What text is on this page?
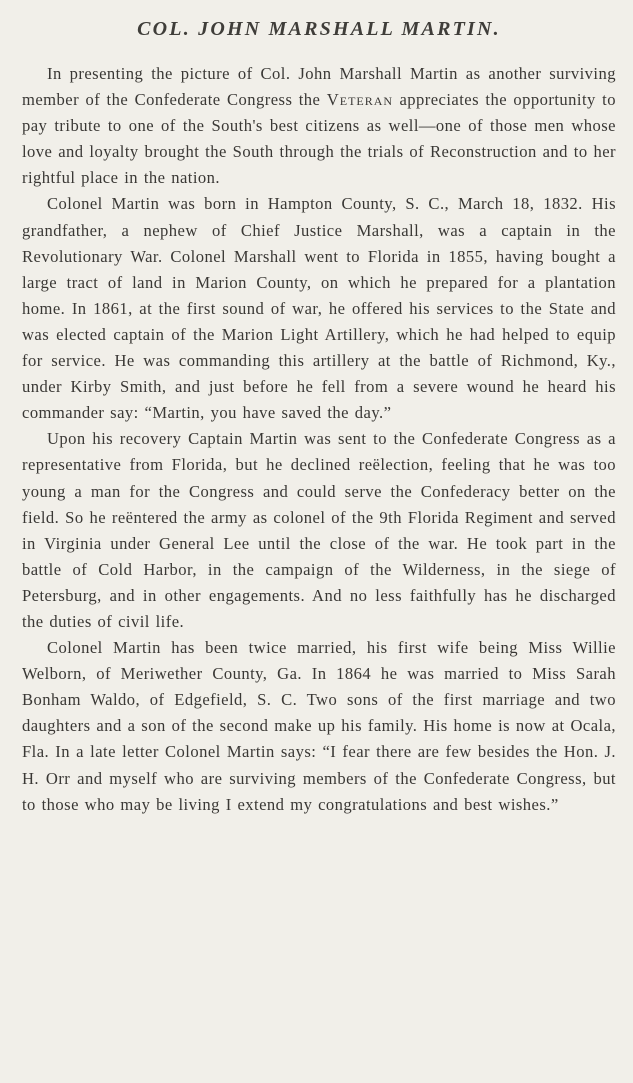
COL. JOHN MARSHALL MARTIN.

In presenting the picture of Col. John Marshall Martin as another surviving member of the Confederate Congress the Veteran appreciates the opportunity to pay tribute to one of the South's best citizens as well—one of those men whose love and loyalty brought the South through the trials of Reconstruction and to her rightful place in the nation.

Colonel Martin was born in Hampton County, S. C., March 18, 1832. His grandfather, a nephew of Chief Justice Marshall, was a captain in the Revolutionary War. Colonel Marshall went to Florida in 1855, having bought a large tract of land in Marion County, on which he prepared for a plantation home. In 1861, at the first sound of war, he offered his services to the State and was elected captain of the Marion Light Artillery, which he had helped to equip for service. He was commanding this artillery at the battle of Richmond, Ky., under Kirby Smith, and just before he fell from a severe wound he heard his commander say: “Martin, you have saved the day.”

Upon his recovery Captain Martin was sent to the Confederate Congress as a representative from Florida, but he declined reëlection, feeling that he was too young a man for the Congress and could serve the Confederacy better on the field. So he reëntered the army as colonel of the 9th Florida Regiment and served in Virginia under General Lee until the close of the war. He took part in the battle of Cold Harbor, in the campaign of the Wilderness, in the siege of Petersburg, and in other engagements. And no less faithfully has he discharged the duties of civil life.

Colonel Martin has been twice married, his first wife being Miss Willie Welborn, of Meriwether County, Ga. In 1864 he was married to Miss Sarah Bonham Waldo, of Edgefield, S. C. Two sons of the first marriage and two daughters and a son of the second make up his family. His home is now at Ocala, Fla. In a late letter Colonel Martin says: “I fear there are few besides the Hon. J. H. Orr and myself who are surviving members of the Confederate Congress, but to those who may be living I extend my congratulations and best wishes.”
